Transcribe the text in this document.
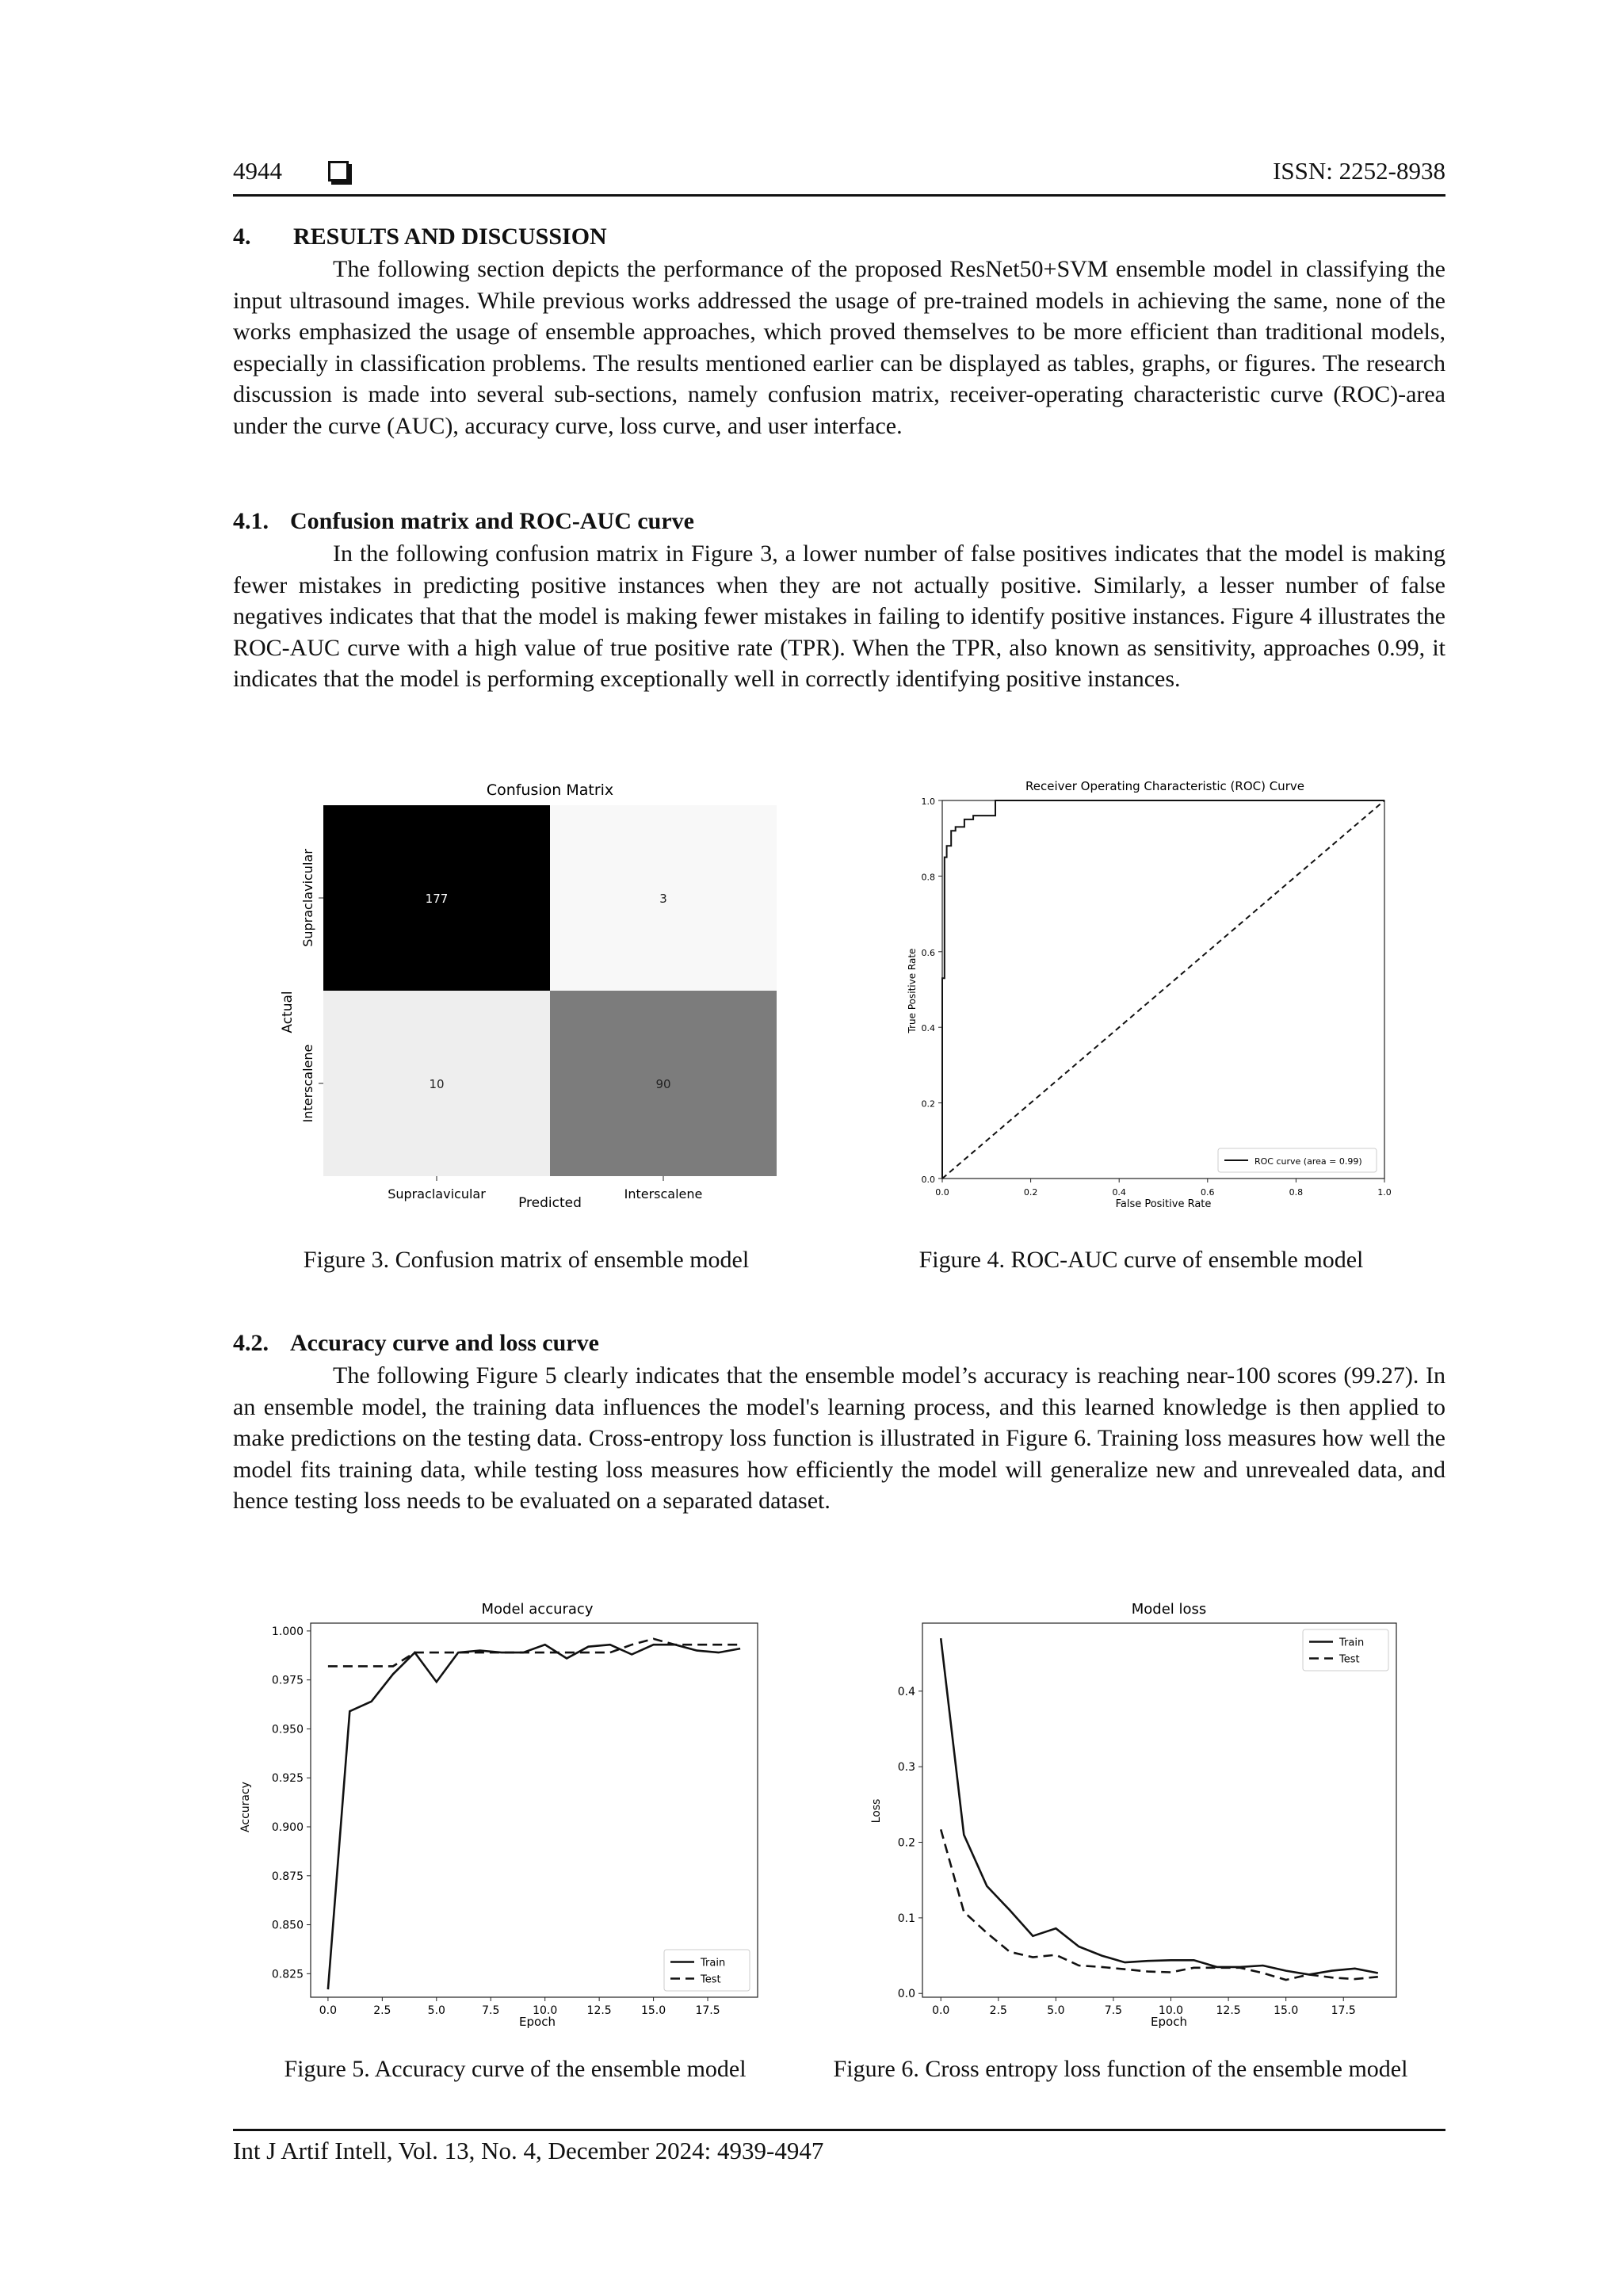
4944	ISSN: 2252-8938
4. RESULTS AND DISCUSSION

The following section depicts the performance of the proposed ResNet50+SVM ensemble model in classifying the input ultrasound images. While previous works addressed the usage of pre-trained models in achieving the same, none of the works emphasized the usage of ensemble approaches, which proved themselves to be more efficient than traditional models, especially in classification problems. The results mentioned earlier can be displayed as tables, graphs, or figures. The research discussion is made into several sub-sections, namely confusion matrix, receiver-operating characteristic curve (ROC)-area under the curve (AUC), accuracy curve, loss curve, and user interface.

4.1. Confusion matrix and ROC-AUC curve

In the following confusion matrix in Figure 3, a lower number of false positives indicates that the model is making fewer mistakes in predicting positive instances when they are not actually positive. Similarly, a lesser number of false negatives indicates that that the model is making fewer mistakes in failing to identify positive instances. Figure 4 illustrates the ROC-AUC curve with a high value of true positive rate (TPR). When the TPR, also known as sensitivity, approaches 0.99, it indicates that the model is performing exceptionally well in correctly identifying positive instances.

Confusion Matrix
177	3
10	90
Supraclavicular	Interscalene
Supraclavicular
Interscalene
Actual
Predicted
Receiver Operating Characteristic (ROC) Curve
True Positive Rate
False Positive Rate
0.0	0.2	0.4	0.6	0.8	1.0
0.0
0.2
0.4
0.6
0.8
1.0
ROC curve (area = 0.99)
Figure 3. Confusion matrix of ensemble model	Figure 4. ROC-AUC curve of ensemble model
4.2. Accuracy curve and loss curve

The following Figure 5 clearly indicates that the ensemble model’s accuracy is reaching near-100 scores (99.27). In an ensemble model, the training data influences the model's learning process, and this learned knowledge is then applied to make predictions on the testing data. Cross-entropy loss function is illustrated in Figure 6. Training loss measures how well the model fits training data, while testing loss measures how efficiently the model will generalize new and unrevealed data, and hence testing loss needs to be evaluated on a separated dataset.

Model accuracy
Accuracy
Epoch
0.0	2.5	5.0	7.5	10.0	12.5	15.0	17.5
0.825
0.850
0.875
0.900
0.925
0.950
0.975
1.000
Train
Test
Model loss
Loss
Epoch
0.0	2.5	5.0	7.5	10.0	12.5	15.0	17.5
0.0
0.1
0.2
0.3
0.4
Train
Test
Figure 5. Accuracy curve of the ensemble model	Figure 6. Cross entropy loss function of the ensemble model
Int J Artif Intell, Vol. 13, No. 4, December 2024: 4939-4947
